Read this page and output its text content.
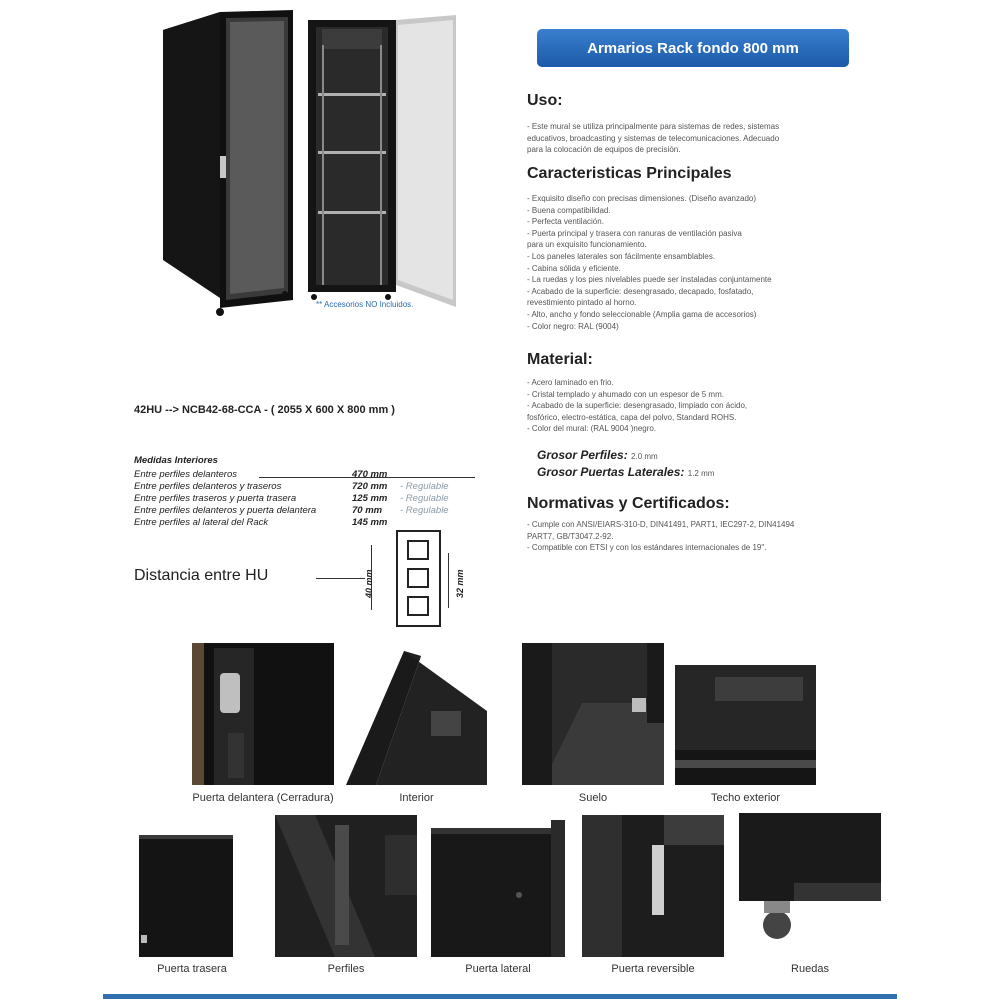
** Accesorios NO Incluidos.
Armarios Rack fondo 800 mm
Uso:
- Este mural se utiliza principalmente para sistemas de redes, sistemas
educativos, broadcasting y sistemas de telecomunicaciones. Adecuado
para la colocación de equipos de precisión.
Caracteristicas Principales
- Exquisito diseño con precisas dimensiones. (Diseño avanzado)
- Buena compatibilidad.
- Perfecta ventilación.
- Puerta principal y trasera con ranuras de ventilación pasiva
para un exquisito funcionamiento.
- Los paneles laterales son fácilmente ensamblables.
- Cabina sólida y eficiente.
- La ruedas y los pies nivelables puede ser instaladas conjuntamente
- Acabado de la superficie: desengrasado, decapado, fosfatado,
revestimiento pintado al horno.
- Alto, ancho y fondo seleccionable (Amplia gama de accesorios)
- Color negro: RAL (9004)
Material:
- Acero laminado en frio.
- Cristal templado y ahumado con un espesor de 5 mm.
- Acabado de la superficie: desengrasado, limpiado con ácido,
fosfórico, electro-estática, capa del polvo, Standard ROHS.
- Color del mural: (RAL 9004 )negro.
Grosor Perfiles: 2.0 mm
Grosor Puertas Laterales: 1.2 mm
Normativas y Certificados:
- Cumple con ANSI/EIARS-310-D, DIN41491, PART1, IEC297-2, DIN41494
PART7, GB/T3047.2-92.
- Compatible con ETSI y con los estándares internacionales de 19".
42HU --> NCB42-68-CCA - ( 2055 X 600 X 800 mm )
Medidas Interiores
Entre perfiles delanteros	470 mm
Entre perfiles delanteros y traseros	720 mm - Regulable
Entre perfiles traseros y puerta trasera	125 mm - Regulable
Entre perfiles delanteros y puerta delantera	70 mm - Regulable
Entre perfiles al lateral del Rack	145 mm
Distancia entre HU	40 mm	32 mm
Puerta delantera (Cerradura)	Interior	Suelo	Techo exterior
Puerta trasera	Perfiles	Puerta lateral	Puerta reversible	Ruedas
